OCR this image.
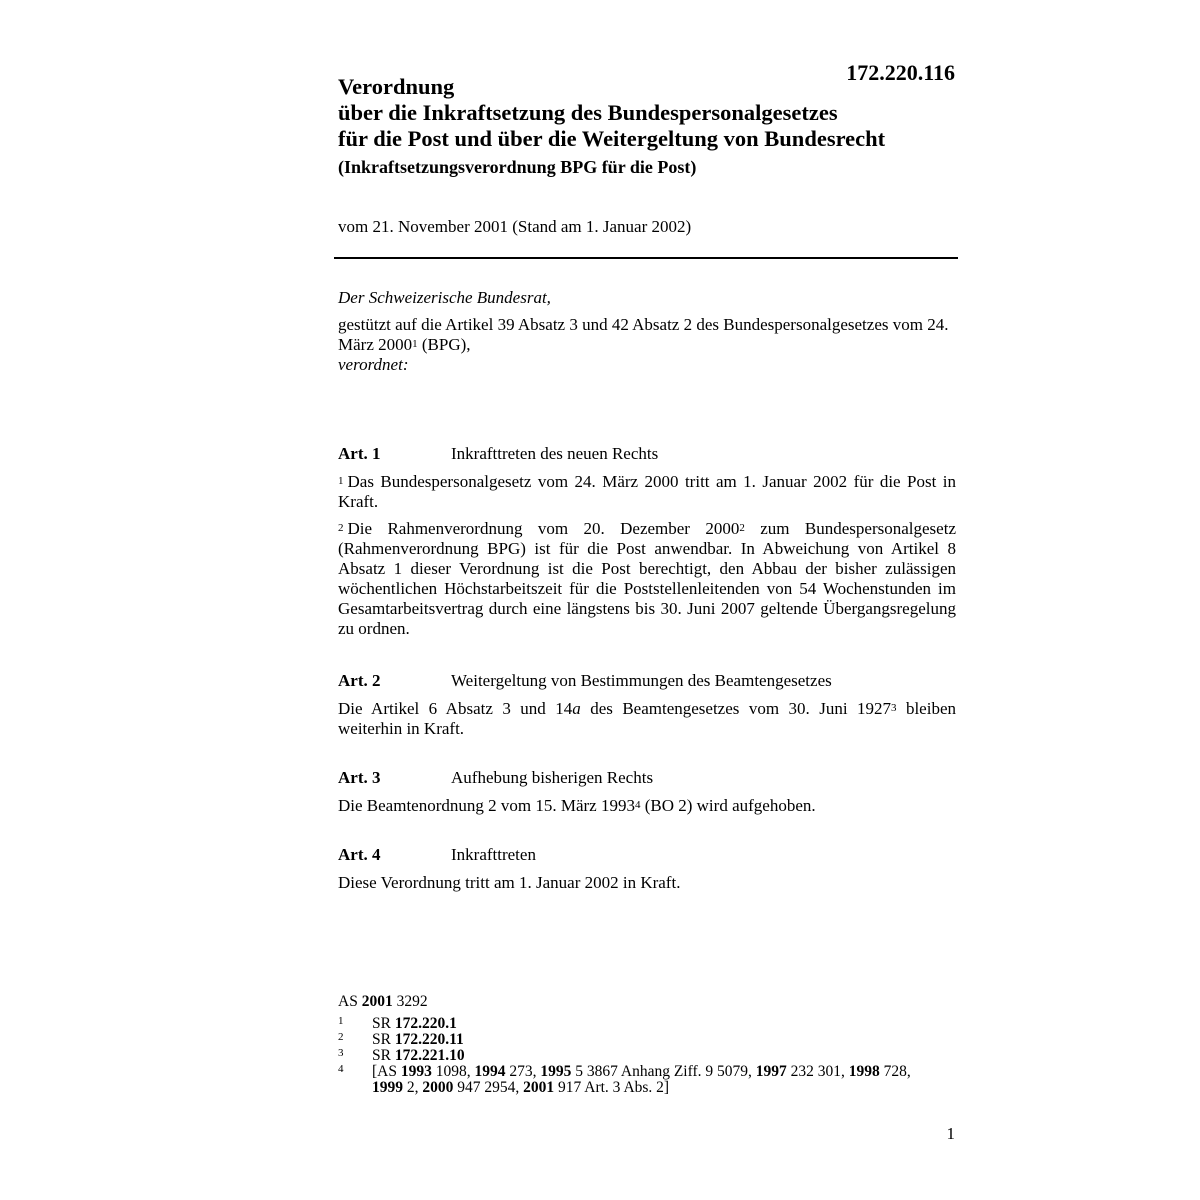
172.220.116
Verordnung
über die Inkraftsetzung des Bundespersonalgesetzes
für die Post und über die Weitergeltung von Bundesrecht
(Inkraftsetzungsverordnung BPG für die Post)
vom 21. November 2001 (Stand am 1. Januar 2002)

Der Schweizerische Bundesrat,

gestützt auf die Artikel 39 Absatz 3 und 42 Absatz 2 des Bundespersonalgesetzes vom 24. März 2000$^1$ (BPG),

verordnet:

Art. 1	Inkrafttreten des neuen Rechts

$^1$ Das Bundespersonalgesetz vom 24. März 2000 tritt am 1. Januar 2002 für die Post in Kraft.

$^2$ Die Rahmenverordnung vom 20. Dezember 2000$^2$ zum Bundespersonalgesetz (Rahmenverordnung BPG) ist für die Post anwendbar. In Abweichung von Artikel 8 Absatz 1 dieser Verordnung ist die Post berechtigt, den Abbau der bisher zulässigen wöchentlichen Höchstarbeitszeit für die Poststellenleitenden von 54 Wochenstunden im Gesamtarbeitsvertrag durch eine längstens bis 30. Juni 2007 geltende Übergangsregelung zu ordnen.

Art. 2	Weitergeltung von Bestimmungen des Beamtengesetzes

Die Artikel 6 Absatz 3 und 14a des Beamtengesetzes vom 30. Juni 1927$^3$ bleiben weiterhin in Kraft.

Art. 3	Aufhebung bisherigen Rechts

Die Beamtenordnung 2 vom 15. März 1993$^4$ (BO 2) wird aufgehoben.

Art. 4	Inkrafttreten

Diese Verordnung tritt am 1. Januar 2002 in Kraft.

AS 2001 3292
1	SR 172.220.1
2	SR 172.220.11
3	SR 172.221.10
4	[AS 1993 1098, 1994 273, 1995 5 3867 Anhang Ziff. 9 5079, 1997 232 301, 1998 728,
1999 2, 2000 947 2954, 2001 917 Art. 3 Abs. 2]
1
